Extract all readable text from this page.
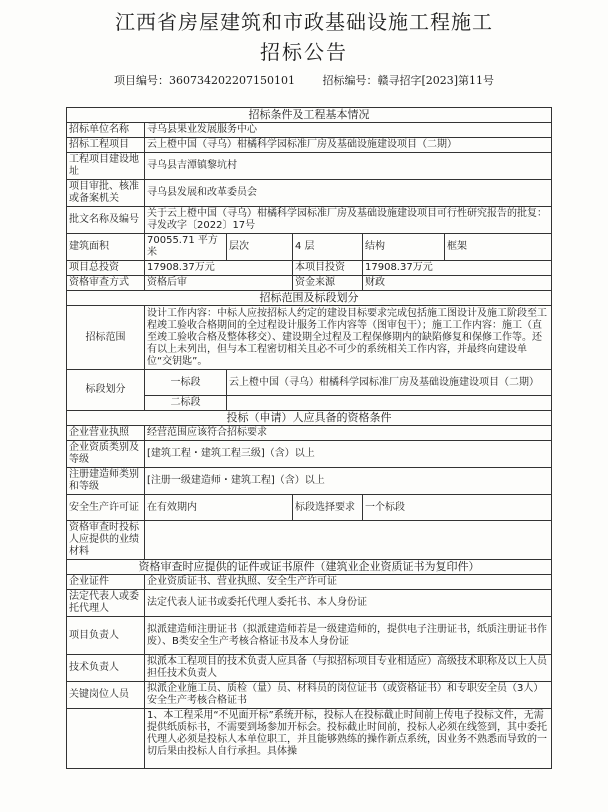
江西省房屋建筑和市政基础设施工程施工
招标公告
项目编号：360734202207150101	招标编号：赣寻招字[2023]第11号
招标条件及工程基本情况					
招标单位名称	寻乌县果业发展服务中心				
招标工程项目	云上橙中国（寻乌）柑橘科学园标准厂房及基础设施建设项目（二期）				
工程项目建设地址	寻乌县吉潭镇黎坑村				
项目审批、核准或备案机关	寻乌县发展和改革委员会				
批文名称及编号	关于云上橙中国（寻乌）柑橘科学园标准厂房及基础设施建设项目可行性研究报告的批复：寻发改字〔2022〕17号				
建筑面积	70055.71 平方米	层次	4 层	结构	框架
项目总投资	17908.37万元		本项目投资	17908.37万元	
资格审查方式	资格后审		资金来源	财政	
招标范围及标段划分					
招标范围	设计工作内容：中标人应按招标人约定的建设目标要求完成包括施工图设计及施工阶段至工程竣工验收合格期间的全过程设计服务工作内容等（图审包干）；施工工作内容：施工（直至竣工验收合格及整体移交）、建设期全过程及工程保修期内的缺陷修复和保修工作等。还有以上未列出，但与本工程密切相关且必不可少的系统相关工作内容，并最终向建设单位“交钥匙”。				
标段划分	一标段	云上橙中国（寻乌）柑橘科学园标准厂房及基础设施建设项目（二期）			
	二标段				
投标（申请）人应具备的资格条件					
企业营业执照	经营范围应该符合招标要求				
企业资质类别及等级	[建筑工程・建筑工程三级]（含）以上				
注册建造师类别和等级	[注册一级建造师・建筑工程]（含）以上				
安全生产许可证	在有效期内		标段选择要求	一个标段	
资格审查时投标人应提供的业绩材料					
资格审查时应提供的证件或证书原件（建筑业企业资质证书为复印件）					
企业证件	企业资质证书、营业执照、安全生产许可证				
法定代表人或委托代理人	法定代表人证书或委托代理人委托书、本人身份证				
项目负责人	拟派建造师注册证书（拟派建造师若是一级建造师的，提供电子注册证书，纸质注册证书作废）、B类安全生产考核合格证书及本人身份证				
技术负责人	拟派本工程项目的技术负责人应具备（与拟招标项目专业相适应）高级技术职称及以上人员担任技术负责人				
关键岗位人员	拟派企业施工员、质检（量）员、材料员的岗位证书（或资格证书）和专职安全员（3人）安全生产考核合格证书				
	1、本工程采用“不见面开标”系统开标，投标人在投标截止时间前上传电子投标文件，无需提供纸质标书，不需要到场参加开标会。投标截止时间前，投标人必须在线签到，其中委托代理人必须是投标人本单位职工，并且能够熟练的操作新点系统，因业务不熟悉而导致的一切后果由投标人自行承担。具体操				
